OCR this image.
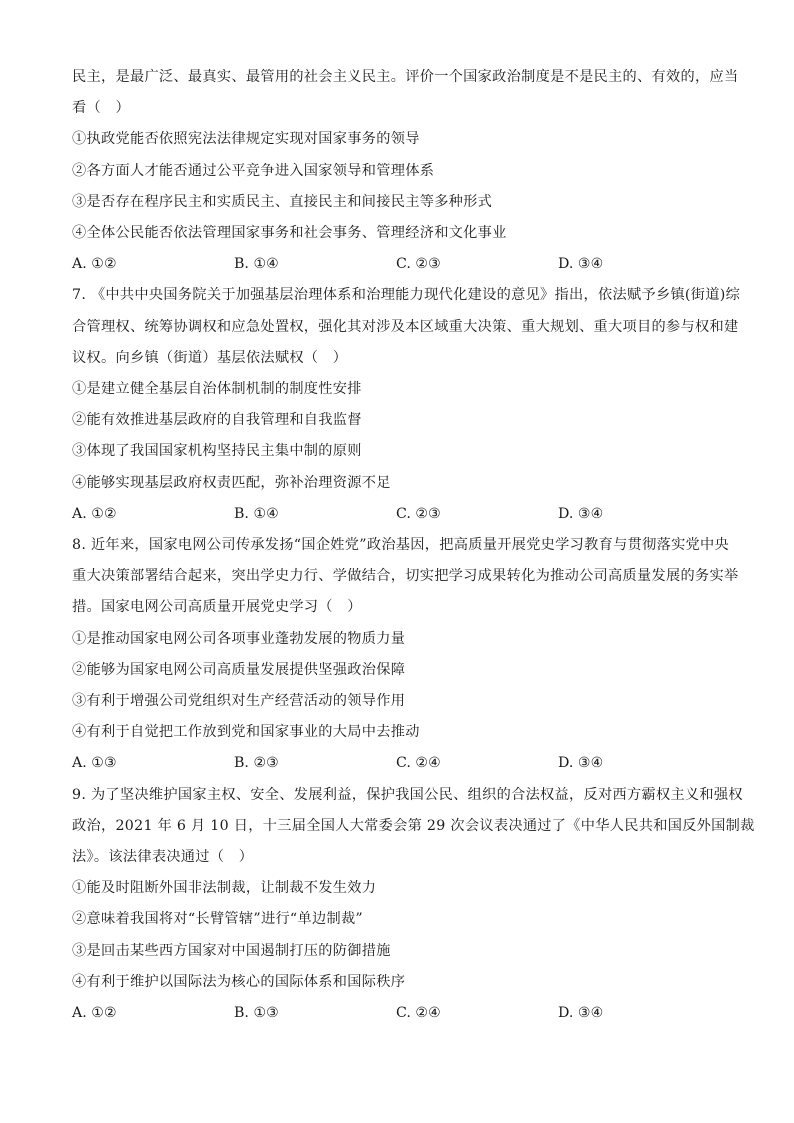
民主，是最广泛、最真实、最管用的社会主义民主。评价一个国家政治制度是不是民主的、有效的，应当
看（　）
①执政党能否依照宪法法律规定实现对国家事务的领导
②各方面人才能否通过公平竞争进入国家领导和管理体系
③是否存在程序民主和实质民主、直接民主和间接民主等多种形式
④全体公民能否依法管理国家事务和社会事务、管理经济和文化事业
A. ①②	B. ①④	C. ②③	D. ③④
7. 《中共中央国务院关于加强基层治理体系和治理能力现代化建设的意见》指出，依法赋予乡镇(街道)综
合管理权、统筹协调权和应急处置权，强化其对涉及本区域重大决策、重大规划、重大项目的参与权和建
议权。向乡镇（街道）基层依法赋权（　）
①是建立健全基层自治体制机制的制度性安排
②能有效推进基层政府的自我管理和自我监督
③体现了我国国家机构坚持民主集中制的原则
④能够实现基层政府权责匹配，弥补治理资源不足
A. ①②	B. ①④	C. ②③	D. ③④
8. 近年来，国家电网公司传承发扬“国企姓党”政治基因，把高质量开展党史学习教育与贯彻落实党中央
重大决策部署结合起来，突出学史力行、学做结合，切实把学习成果转化为推动公司高质量发展的务实举
措。国家电网公司高质量开展党史学习（　）
①是推动国家电网公司各项事业蓬勃发展的物质力量
②能够为国家电网公司高质量发展提供坚强政治保障
③有利于增强公司党组织对生产经营活动的领导作用
④有利于自觉把工作放到党和国家事业的大局中去推动
A. ①③	B. ②③	C. ②④	D. ③④
9. 为了坚决维护国家主权、安全、发展利益，保护我国公民、组织的合法权益，反对西方霸权主义和强权
政治，2021 年 6 月 10 日，十三届全国人大常委会第 29 次会议表决通过了《中华人民共和国反外国制裁
法》。该法律表决通过（　）
①能及时阻断外国非法制裁，让制裁不发生效力
②意味着我国将对“长臂管辖”进行“单边制裁”
③是回击某些西方国家对中国遏制打压的防御措施
④有利于维护以国际法为核心的国际体系和国际秩序
A. ①②	B. ①③	C. ②④	D. ③④
